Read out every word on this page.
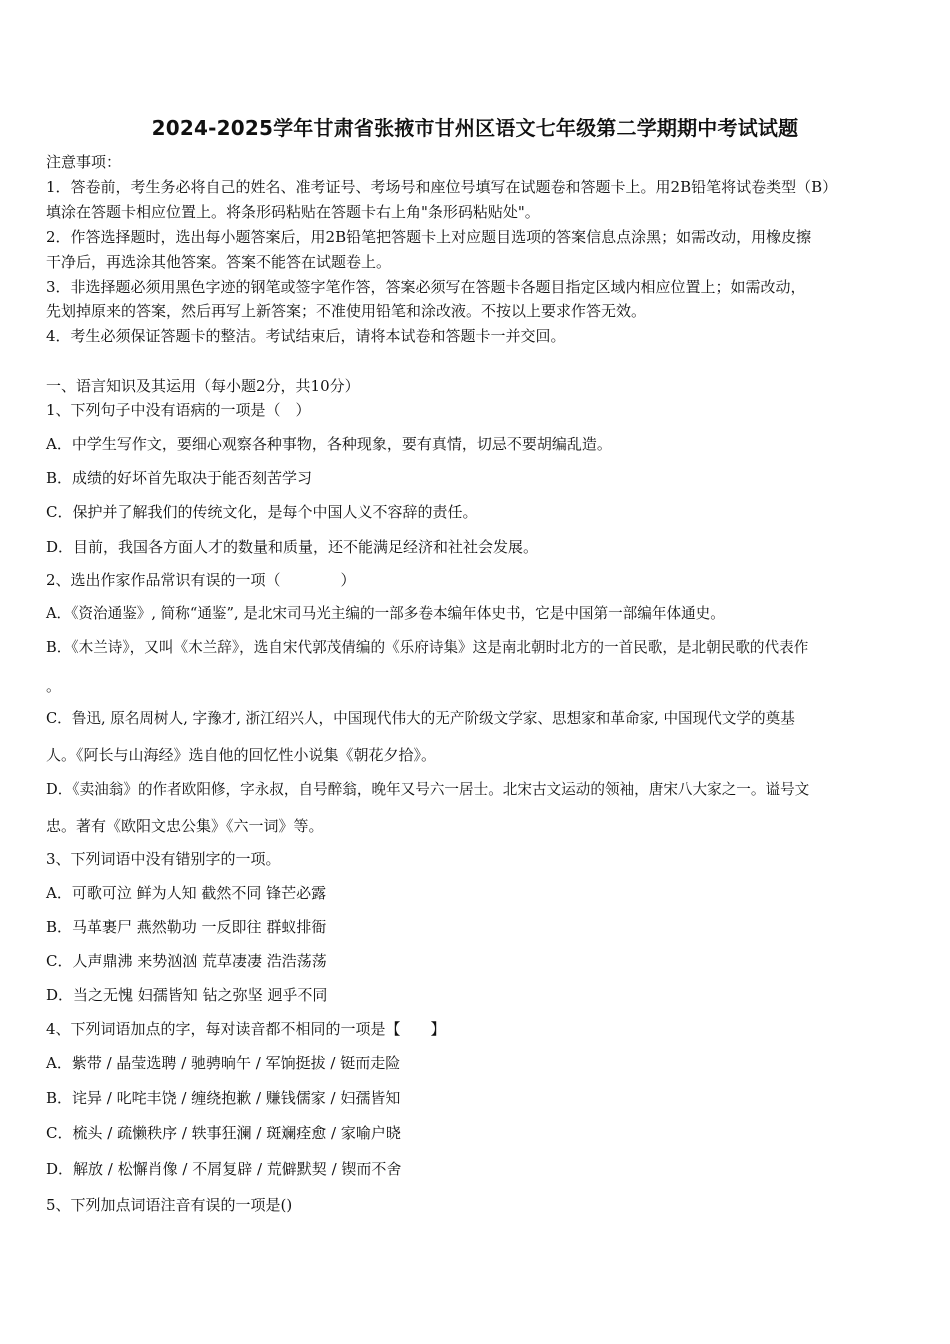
2024-2025学年甘肃省张掖市甘州区语文七年级第二学期期中考试试题
注意事项：
1．答卷前，考生务必将自己的姓名、准考证号、考场号和座位号填写在试题卷和答题卡上。用2B铅笔将试卷类型（B）
填涂在答题卡相应位置上。将条形码粘贴在答题卡右上角"条形码粘贴处"。
2．作答选择题时，选出每小题答案后，用2B铅笔把答题卡上对应题目选项的答案信息点涂黑；如需改动，用橡皮擦
干净后，再选涂其他答案。答案不能答在试题卷上。
3．非选择题必须用黑色字迹的钢笔或签字笔作答，答案必须写在答题卡各题目指定区域内相应位置上；如需改动，
先划掉原来的答案，然后再写上新答案；不准使用铅笔和涂改液。不按以上要求作答无效。
4．考生必须保证答题卡的整洁。考试结束后，请将本试卷和答题卡一并交回。
一、语言知识及其运用（每小题2分，共10分）
1、下列句子中没有语病的一项是（　）
A．中学生写作文，要细心观察各种事物，各种现象，要有真情，切忌不要胡编乱造。
B．成绩的好坏首先取决于能否刻苦学习
C．保护并了解我们的传统文化，是每个中国人义不容辞的责任。
D．目前，我国各方面人才的数量和质量，还不能满足经济和社社会发展。
2、选出作家作品常识有误的一项（　　　　）
A．《资治通鉴》, 简称“通鉴”, 是北宋司马光主编的一部多卷本编年体史书，它是中国第一部编年体通史。
B．《木兰诗》，又叫《木兰辞》，选自宋代郭茂倩编的《乐府诗集》这是南北朝时北方的一首民歌，是北朝民歌的代表作
。
C．鲁迅, 原名周树人, 字豫才, 浙江绍兴人，中国现代伟大的无产阶级文学家、思想家和革命家, 中国现代文学的奠基
人。《阿长与山海经》选自他的回忆性小说集《朝花夕拾》。
D．《卖油翁》的作者欧阳修，字永叔，自号醉翁，晚年又号六一居士。北宋古文运动的领袖，唐宋八大家之一。谥号文
忠。著有《欧阳文忠公集》《六一词》等。
3、下列词语中没有错别字的一项。
A．可歌可泣 鲜为人知 截然不同 锋芒必露
B．马革裹尸 燕然勒功 一反即往 群蚁排衙
C．人声鼎沸 来势汹汹 荒草凄凄 浩浩荡荡
D．当之无愧 妇孺皆知 钻之弥坚 迥乎不同
4、下列词语加点的字，每对读音都不相同的一项是【　　】
A．紫带 / 晶莹选聘 / 驰骋晌午 / 军饷挺拔 / 铤而走险
B．诧异 / 叱咤丰饶 / 缠绕抱歉 / 赚钱儒家 / 妇孺皆知
C．梳头 / 疏懒秩序 / 轶事狂澜 / 斑斓痊愈 / 家喻户晓
D．解放 / 松懈肖像 / 不屑复辟 / 荒僻默契 / 锲而不舍
5、下列加点词语注音有误的一项是()
